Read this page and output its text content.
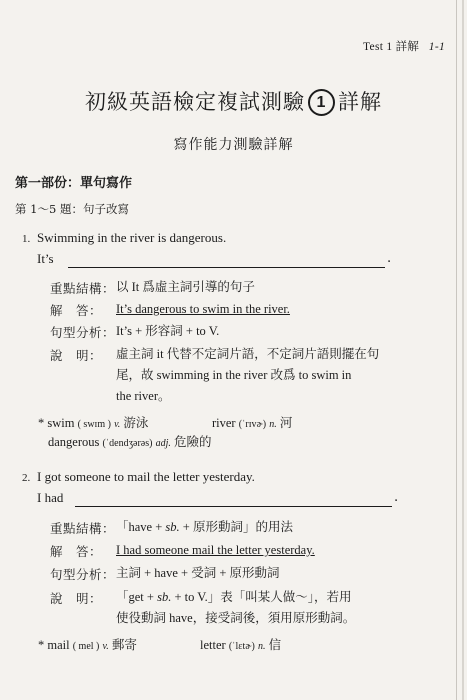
Test 1 詳解 1-1
初級英語檢定複試測驗 1 詳解
寫作能力測驗詳解
第一部份：單句寫作
第 1～5 題：句子改寫
1. Swimming in the river is dangerous.
It’s	.
重點結構： 以 It 爲虛主詞引導的句子
解　答： It’s dangerous to swim in the river.
句型分析： It’s + 形容詞 + to V.
說　明： 虛主詞 it 代替不定詞片語，不定詞片語則擺在句
尾，故 swimming in the river 改爲 to swim in
the river。
* swim ( swɪm ) v. 游泳	river (ˈrɪvɚ) n. 河
dangerous (ˈdendʒərəs) adj. 危險的
2. I got someone to mail the letter yesterday.
I had	.
重點結構： 「have + sb. + 原形動詞」的用法
解　答： I had someone mail the letter yesterday.
句型分析： 主詞 + have + 受詞 + 原形動詞
說　明： 「get + sb. + to V.」表「叫某人做～」，若用
使役動詞 have，接受詞後，須用原形動詞。
* mail ( mel ) v. 郵寄	letter (ˈlɛtɚ) n. 信
